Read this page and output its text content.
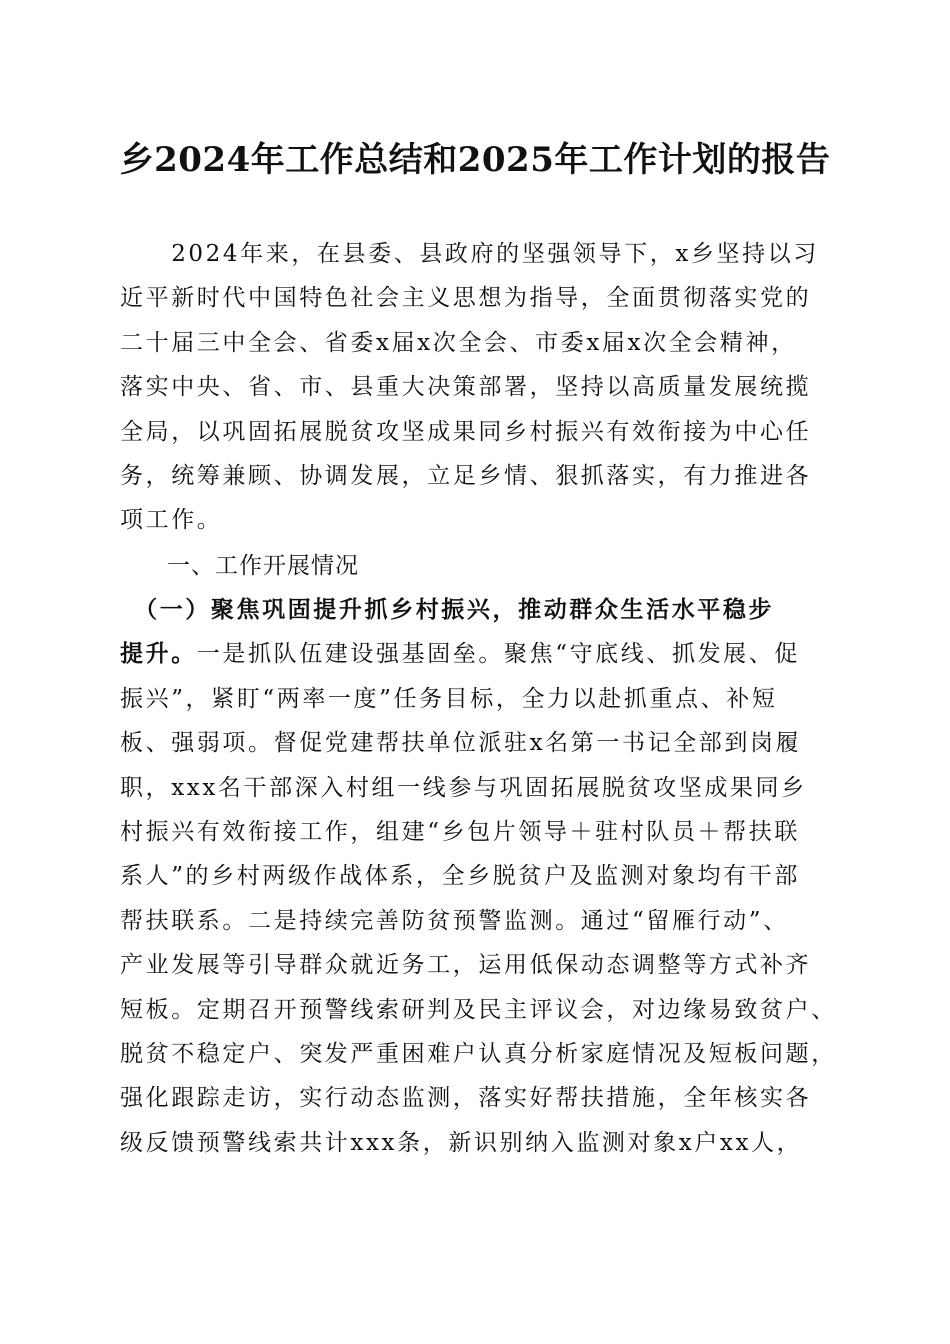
乡2024年工作总结和2025年工作计划的报告
　　2024年来，在县委、县政府的坚强领导下，x乡坚持以习
近平新时代中国特色社会主义思想为指导，全面贯彻落实党的
二十届三中全会、省委x届x次全会、市委x届x次全会精神，
落实中央、省、市、县重大决策部署，坚持以高质量发展统揽
全局，以巩固拓展脱贫攻坚成果同乡村振兴有效衔接为中心任
务，统筹兼顾、协调发展，立足乡情、狠抓落实，有力推进各
项工作。
一、工作开展情况
　（一）聚焦巩固提升抓乡村振兴，推动群众生活水平稳步
提升。一是抓队伍建设强基固垒。聚焦“守底线、抓发展、促
振兴”，紧盯“两率一度”任务目标，全力以赴抓重点、补短
板、强弱项。督促党建帮扶单位派驻x名第一书记全部到岗履
职，xxx名干部深入村组一线参与巩固拓展脱贫攻坚成果同乡
村振兴有效衔接工作，组建“乡包片领导＋驻村队员＋帮扶联
系人”的乡村两级作战体系，全乡脱贫户及监测对象均有干部
帮扶联系。二是持续完善防贫预警监测。通过“留雁行动”、
产业发展等引导群众就近务工，运用低保动态调整等方式补齐
短板。定期召开预警线索研判及民主评议会，对边缘易致贫户、
脱贫不稳定户、突发严重困难户认真分析家庭情况及短板问题，
强化跟踪走访，实行动态监测，落实好帮扶措施，全年核实各
级反馈预警线索共计xxx条，新识别纳入监测对象x户xx人，
